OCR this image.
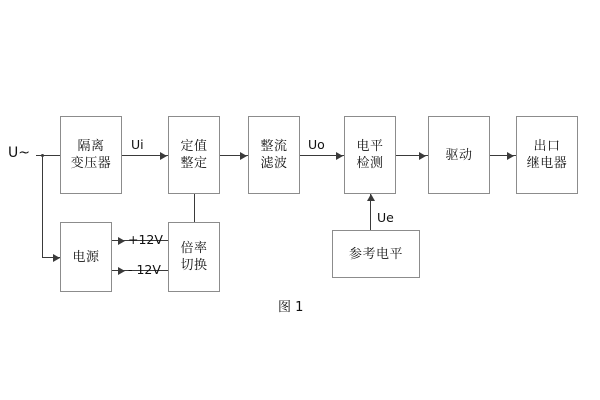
U~	隔离
变压器
定值
整定
整流
滤波
电平
检测
驱动
出口
继电器
电源
倍率
切换
参考电平
Ui	Uo
Ue
+12V
- 12V
图 1
